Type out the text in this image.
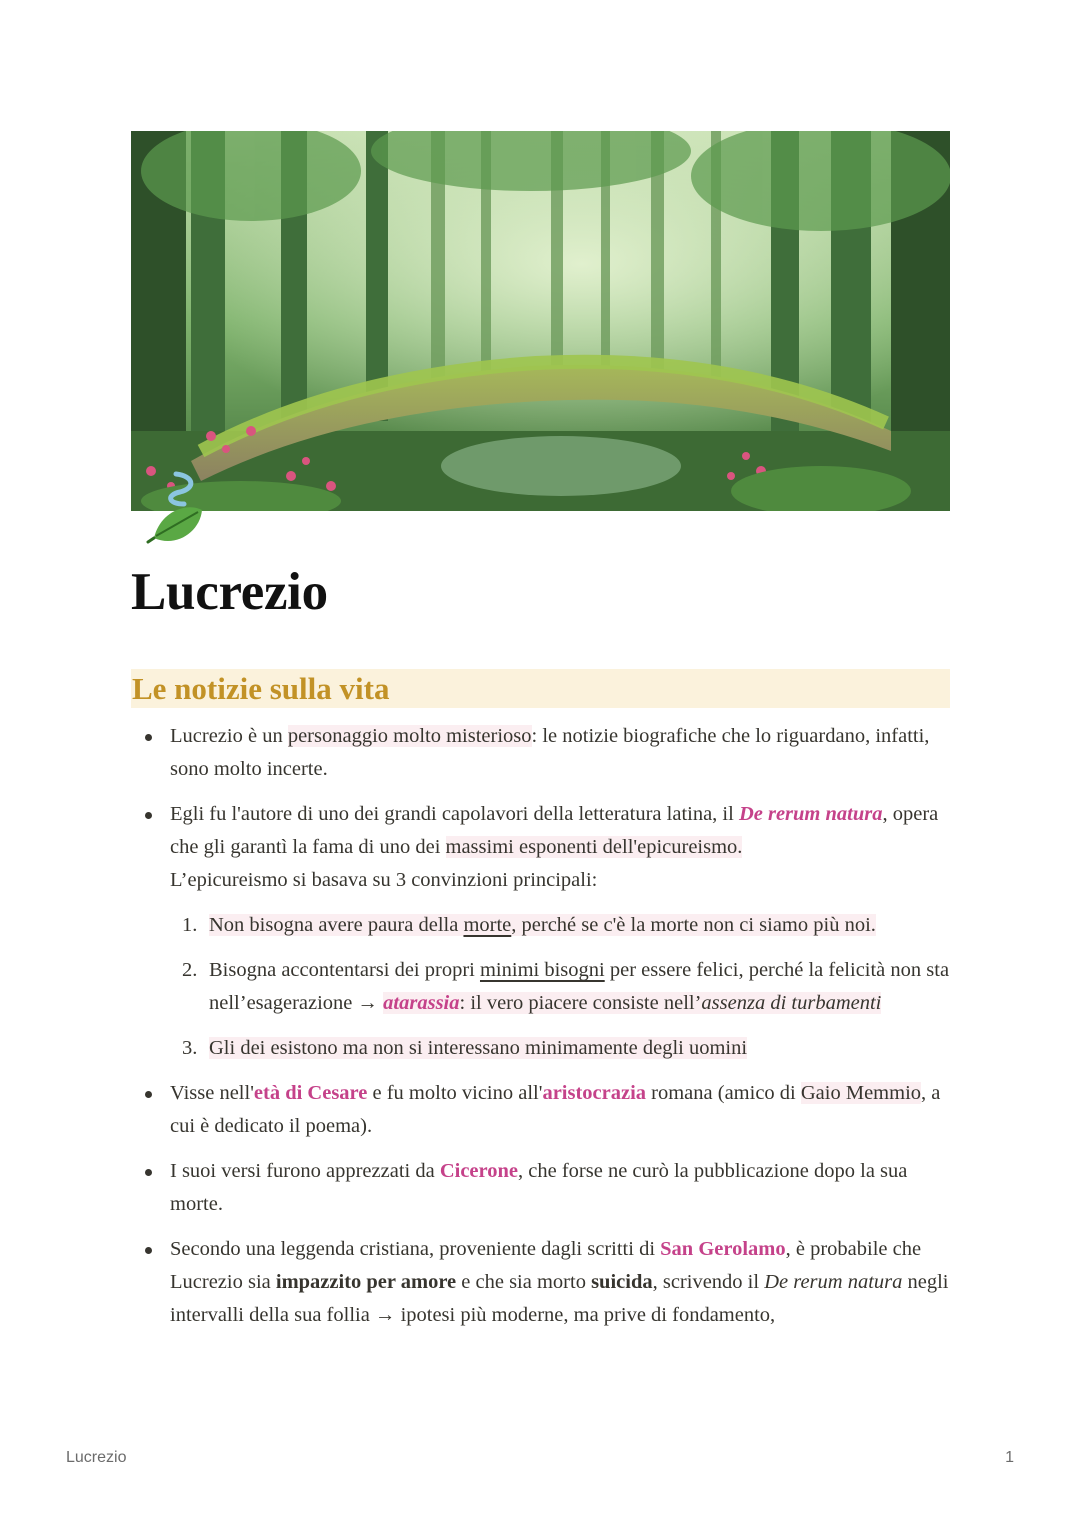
Lucrezio
Le notizie sulla vita
Lucrezio è un personaggio molto misterioso: le notizie biografiche che lo riguardano, infatti, sono molto incerte.
Egli fu l'autore di uno dei grandi capolavori della letteratura latina, il De rerum natura, opera che gli garantì la fama di uno dei massimi esponenti dell'epicureismo.
L’epicureismo si basava su 3 convinzioni principali:
1. Non bisogna avere paura della morte, perché se c'è la morte non ci siamo più noi.
2. Bisogna accontentarsi dei propri minimi bisogni per essere felici, perché la felicità non sta nell’esagerazione → atarassia: il vero piacere consiste nell’assenza di turbamenti
3. Gli dei esistono ma non si interessano minimamente degli uomini
Visse nell'età di Cesare e fu molto vicino all'aristocrazia romana (amico di Gaio Memmio, a cui è dedicato il poema).
I suoi versi furono apprezzati da Cicerone, che forse ne curò la pubblicazione dopo la sua morte.
Secondo una leggenda cristiana, proveniente dagli scritti di San Gerolamo, è probabile che Lucrezio sia impazzito per amore e che sia morto suicida, scrivendo il De rerum natura negli intervalli della sua follia → ipotesi più moderne, ma prive di fondamento,
Lucrezio	1
